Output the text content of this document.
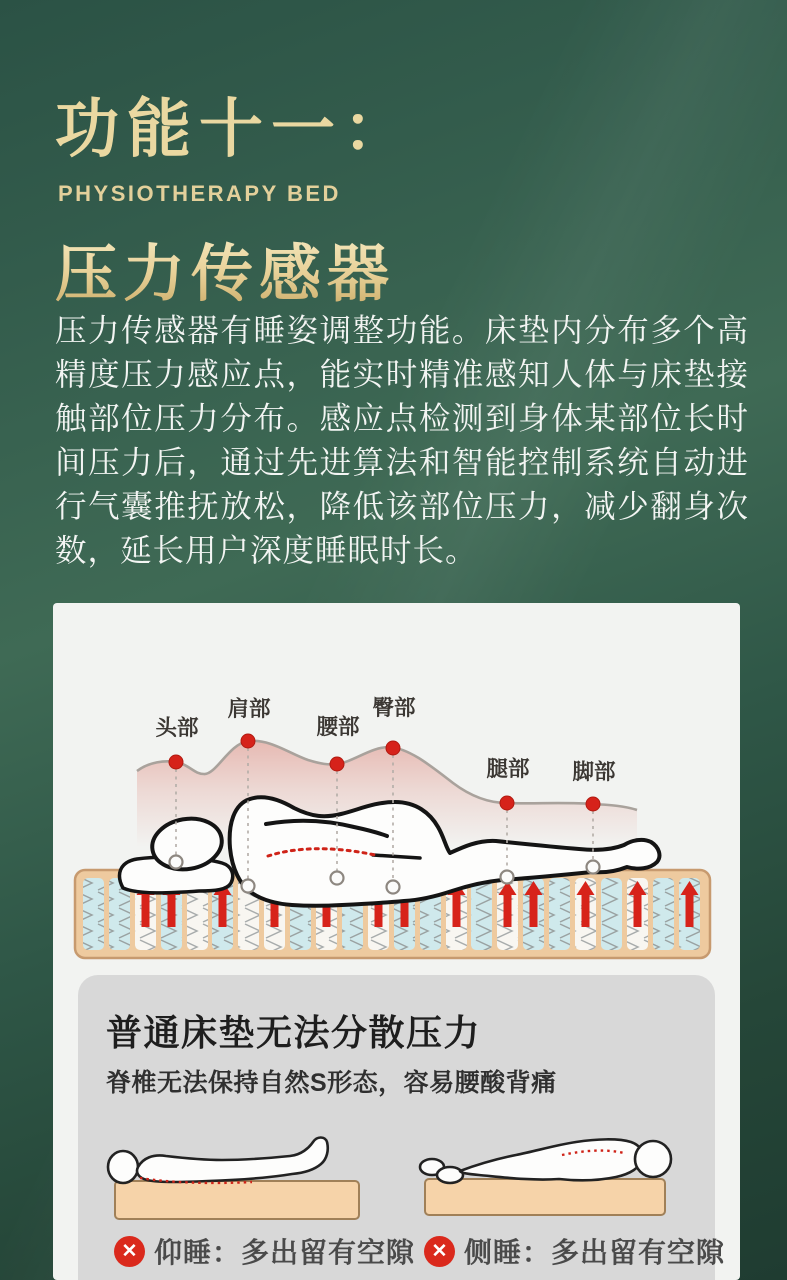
功能十一：
PHYSIOTHERAPY BED
压力传感器
压力传感器有睡姿调整功能。床垫内分布多个高精度压力感应点，能实时精准感知人体与床垫接触部位压力分布。感应点检测到身体某部位长时间压力后，通过先进算法和智能控制系统自动进行气囊推抚放松，降低该部位压力，减少翻身次数，延长用户深度睡眠时长。
头部
肩部
腰部
臀部
腿部 脚部
普通床垫无法分散压力
脊椎无法保持自然S形态，容易腰酸背痛
✕ 仰睡：多出留有空隙 ✕ 侧睡：多出留有空隙
